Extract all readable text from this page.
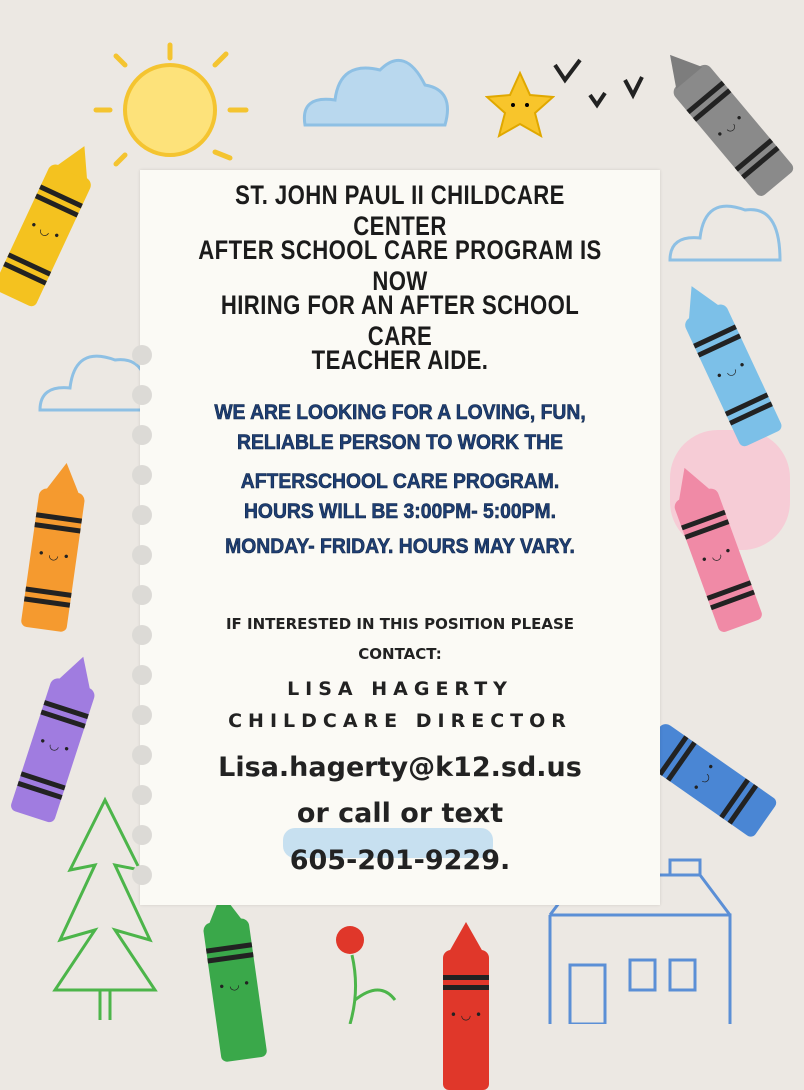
• ◡ •
• ◡ •
• ◡ •
• ◡ •	• ◡ •
• ◡ •
• ◡ •
• ◡ •
• ◡ •
ST. JOHN PAUL II CHILDCARE CENTER
AFTER SCHOOL CARE PROGRAM IS NOW
HIRING FOR AN AFTER SCHOOL CARE
TEACHER AIDE.
WE ARE LOOKING FOR A LOVING, FUN,
RELIABLE PERSON TO WORK THE
AFTERSCHOOL CARE PROGRAM.
HOURS WILL BE 3:00PM- 5:00PM.
MONDAY- FRIDAY. HOURS MAY VARY.
IF INTERESTED IN THIS POSITION PLEASE
CONTACT:
LISA HAGERTY
CHILDCARE DIRECTOR
Lisa.hagerty@k12.sd.us
or call or text
605-201-9229.
